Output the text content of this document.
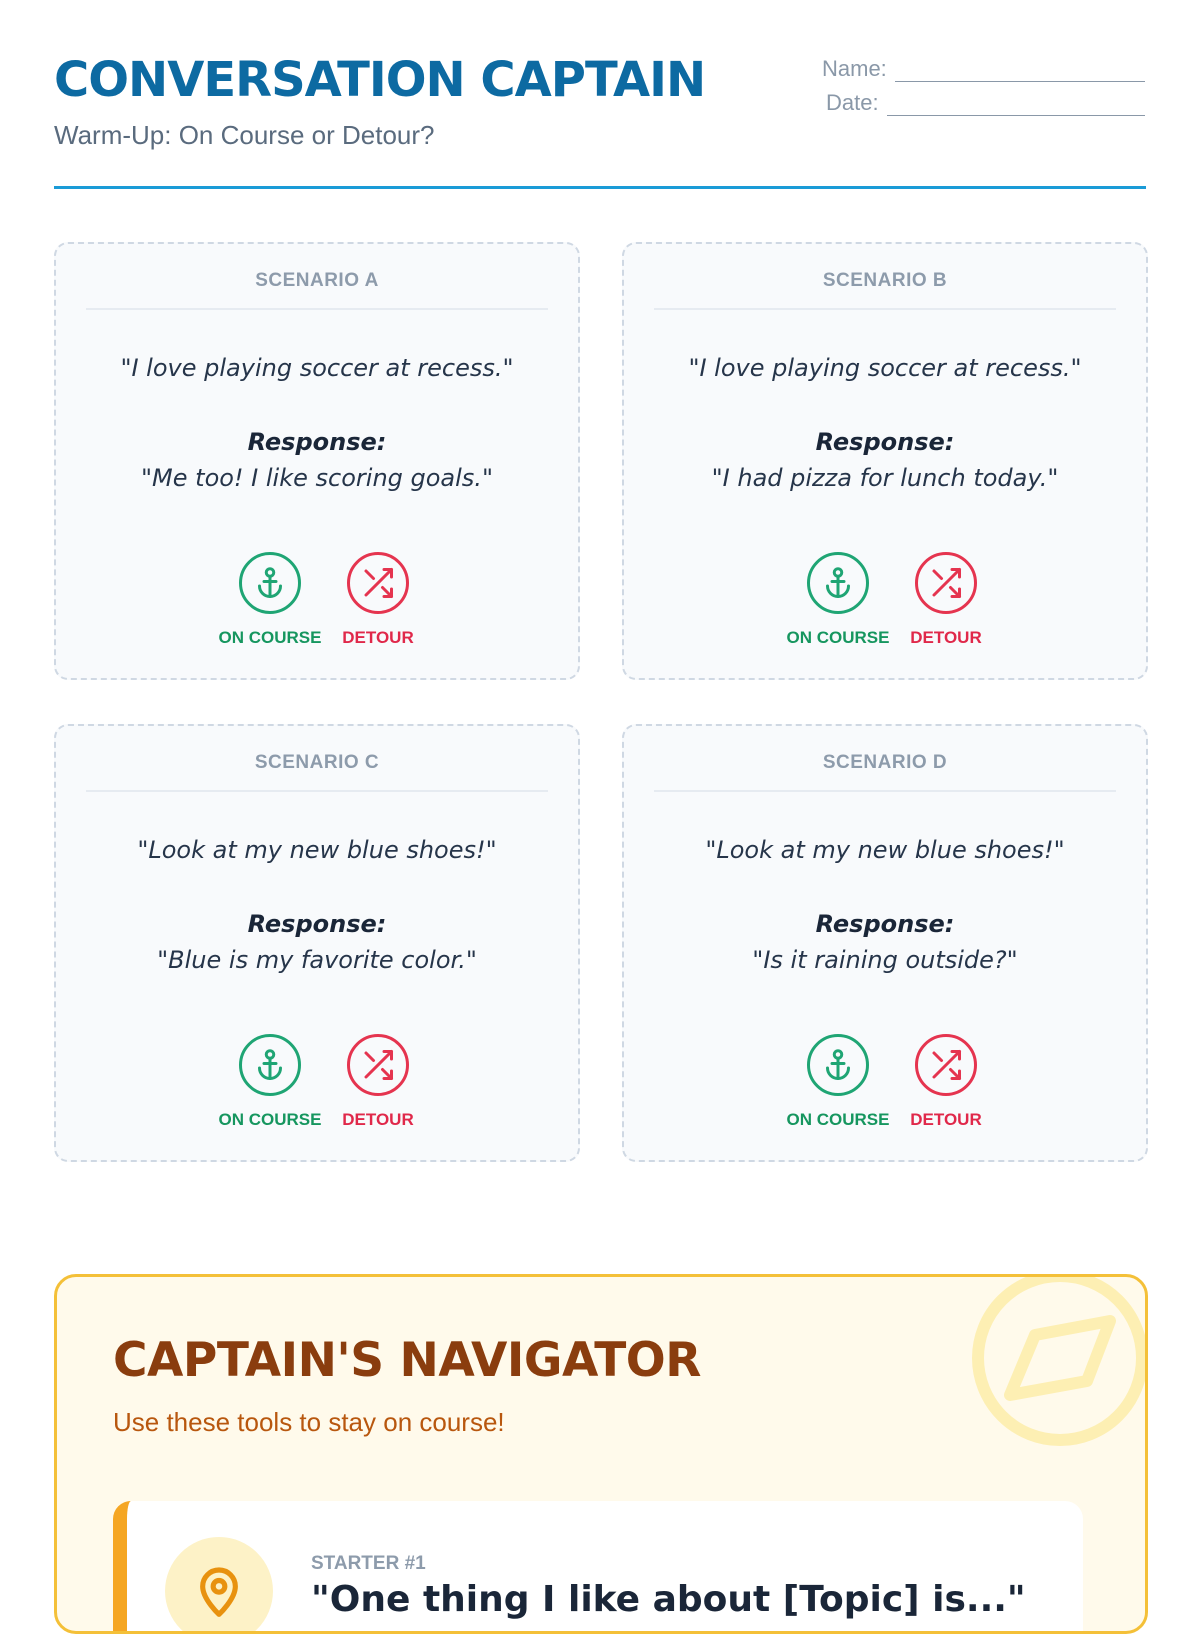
CONVERSATION CAPTAIN
Warm-Up: On Course or Detour?
Name:
Date:
SCENARIO A
"I love playing soccer at recess."
Response:
"Me too! I like scoring goals."
ON COURSE	DETOUR
SCENARIO B
"I love playing soccer at recess."
Response:
"I had pizza for lunch today."
ON COURSE	DETOUR
SCENARIO C
"Look at my new blue shoes!"
Response:
"Blue is my favorite color."
ON COURSE	DETOUR
SCENARIO D
"Look at my new blue shoes!"
Response:
"Is it raining outside?"
ON COURSE	DETOUR
CAPTAIN'S NAVIGATOR
Use these tools to stay on course!
STARTER #1
"One thing I like about [Topic] is..."
